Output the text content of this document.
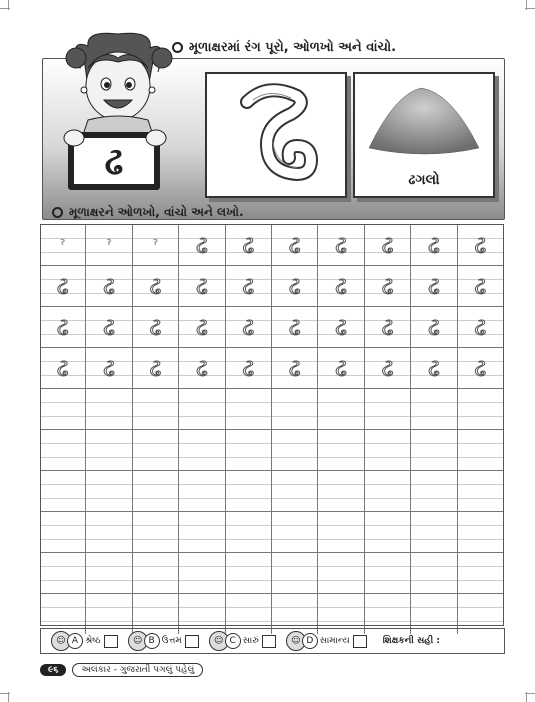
મૂળાક્ષરમાં રંગ પૂરો, ઓળખો અને વાંચો.
ઢ	ઢગલો
મૂળાક્ષરને ઓળખો, વાંચો અને લખો.
ˀ	ˀ	ˀ	ઢ	ઢ	ઢ	ઢ	ઢ	ઢ	ઢ
ઢ	ઢ	ઢ	ઢ	ઢ	ઢ	ઢ	ઢ	ઢ	ઢ
ઢ	ઢ	ઢ	ઢ	ઢ	ઢ	ઢ	ઢ	ઢ	ઢ
ઢ	ઢ	ઢ	ઢ	ઢ	ઢ	ઢ	ઢ	ઢ	ઢ
☺ A શ્રેષ્ઠ	☺ B ઉત્તમ	☺ C સારું	☺ D સામાન્ય	શિક્ષકની સહી :
૯૬	અલંકાર - ગુજરાતી પગલું પહેલું
